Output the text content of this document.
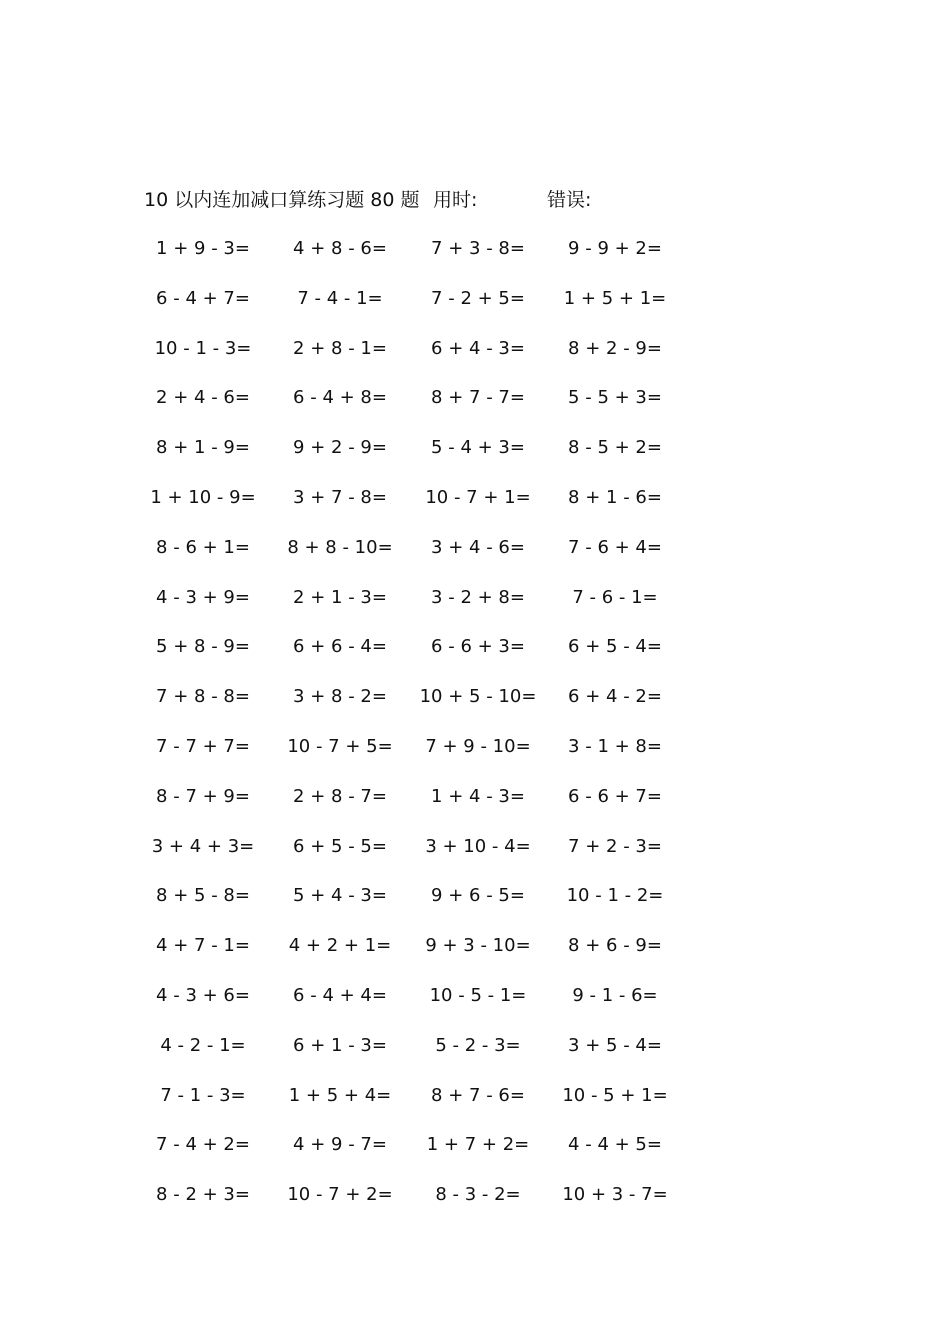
10 以内连加减口算练习题 80 题 用时:	错误:
1 + 9 - 3=	4 + 8 - 6=	7 + 3 - 8=	9 - 9 + 2=
6 - 4 + 7=	7 - 4 - 1=	7 - 2 + 5=	1 + 5 + 1=
10 - 1 - 3=	2 + 8 - 1=	6 + 4 - 3=	8 + 2 - 9=
2 + 4 - 6=	6 - 4 + 8=	8 + 7 - 7=	5 - 5 + 3=
8 + 1 - 9=	9 + 2 - 9=	5 - 4 + 3=	8 - 5 + 2=
1 + 10 - 9=	3 + 7 - 8=	10 - 7 + 1=	8 + 1 - 6=
8 - 6 + 1=	8 + 8 - 10=	3 + 4 - 6=	7 - 6 + 4=
4 - 3 + 9=	2 + 1 - 3=	3 - 2 + 8=	7 - 6 - 1=
5 + 8 - 9=	6 + 6 - 4=	6 - 6 + 3=	6 + 5 - 4=
7 + 8 - 8=	3 + 8 - 2=	10 + 5 - 10=	6 + 4 - 2=
7 - 7 + 7=	10 - 7 + 5=	7 + 9 - 10=	3 - 1 + 8=
8 - 7 + 9=	2 + 8 - 7=	1 + 4 - 3=	6 - 6 + 7=
3 + 4 + 3=	6 + 5 - 5=	3 + 10 - 4=	7 + 2 - 3=
8 + 5 - 8=	5 + 4 - 3=	9 + 6 - 5=	10 - 1 - 2=
4 + 7 - 1=	4 + 2 + 1=	9 + 3 - 10=	8 + 6 - 9=
4 - 3 + 6=	6 - 4 + 4=	10 - 5 - 1=	9 - 1 - 6=
4 - 2 - 1=	6 + 1 - 3=	5 - 2 - 3=	3 + 5 - 4=
7 - 1 - 3=	1 + 5 + 4=	8 + 7 - 6=	10 - 5 + 1=
7 - 4 + 2=	4 + 9 - 7=	1 + 7 + 2=	4 - 4 + 5=
8 - 2 + 3=	10 - 7 + 2=	8 - 3 - 2=	10 + 3 - 7=
